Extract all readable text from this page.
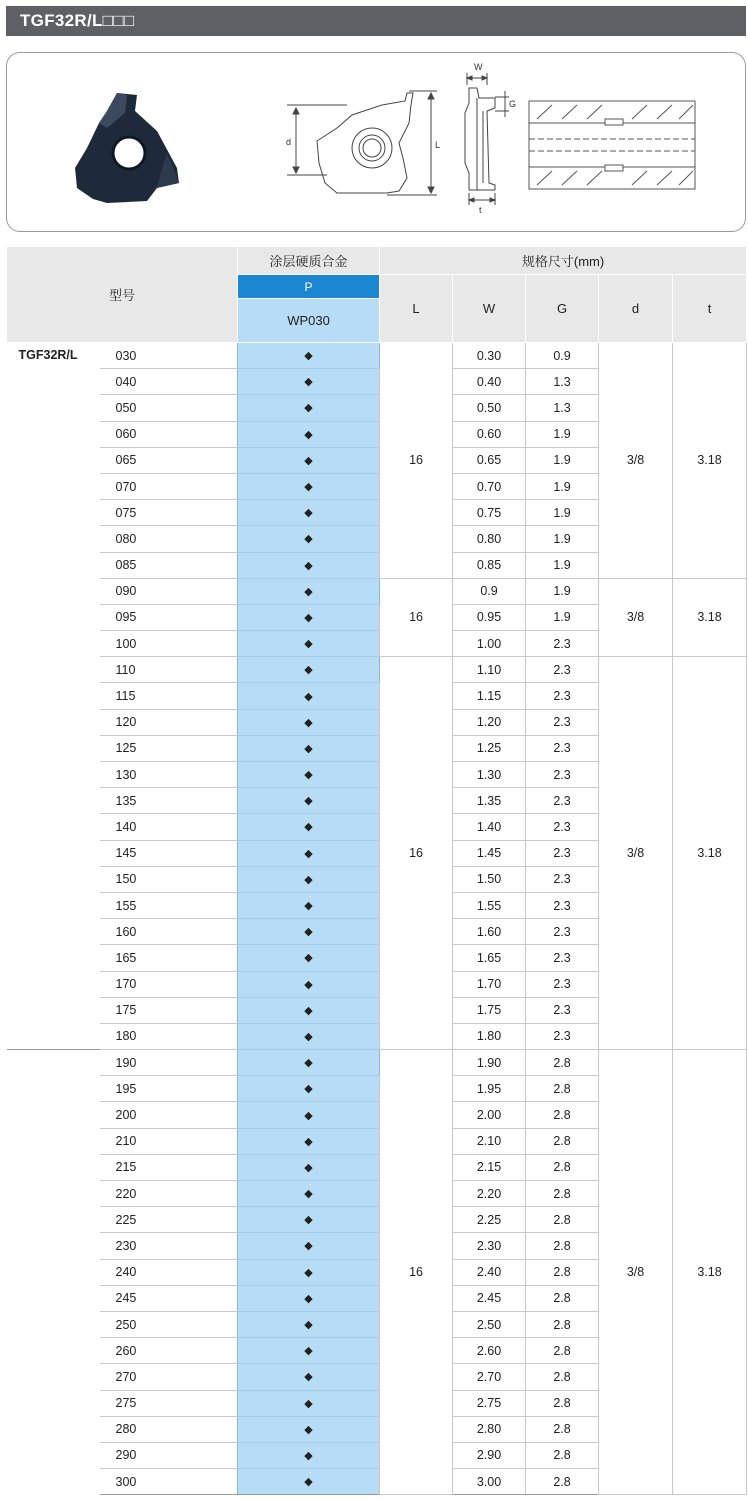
TGF32R/L□□□
d	L
W
G
t
型号		涂层硬质合金	规格尺寸(mm)				
		P	L	W	G	d	t
		WP030					
TGF32R/L	030	◆	16	0.30	0.9	3/8	3.18
	040	◆		0.40	1.3		
	050	◆		0.50	1.3		
	060	◆		0.60	1.9		
	065	◆		0.65	1.9		
	070	◆		0.70	1.9		
	075	◆		0.75	1.9		
	080	◆		0.80	1.9		
	085	◆		0.85	1.9		
	090	◆	16	0.9	1.9	3/8	3.18
	095	◆		0.95	1.9		
	100	◆		1.00	2.3		
	110	◆	16	1.10	2.3	3/8	3.18
	115	◆		1.15	2.3		
	120	◆		1.20	2.3		
	125	◆		1.25	2.3		
	130	◆		1.30	2.3		
	135	◆		1.35	2.3		
	140	◆		1.40	2.3		
	145	◆		1.45	2.3		
	150	◆		1.50	2.3		
	155	◆		1.55	2.3		
	160	◆		1.60	2.3		
	165	◆		1.65	2.3		
	170	◆		1.70	2.3		
	175	◆		1.75	2.3		
	180	◆		1.80	2.3		
	190	◆	16	1.90	2.8	3/8	3.18
	195	◆		1.95	2.8		
	200	◆		2.00	2.8		
	210	◆		2.10	2.8		
	215	◆		2.15	2.8		
	220	◆		2.20	2.8		
	225	◆		2.25	2.8		
	230	◆		2.30	2.8		
	240	◆		2.40	2.8		
	245	◆		2.45	2.8		
	250	◆		2.50	2.8		
	260	◆		2.60	2.8		
	270	◆		2.70	2.8		
	275	◆		2.75	2.8		
	280	◆		2.80	2.8		
	290	◆		2.90	2.8		
	300	◆		3.00	2.8		
